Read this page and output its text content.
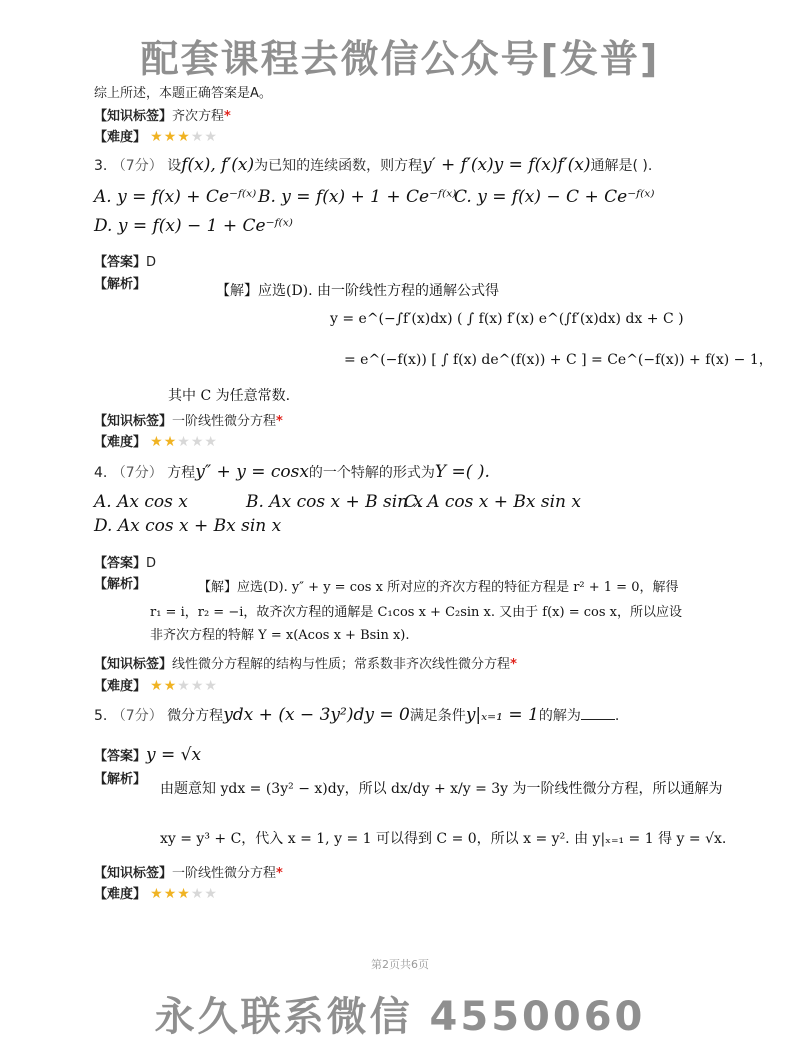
配套课程去微信公众号[发普]
综上所述，本题正确答案是A。
【知识标签】齐次方程*
【难度】 ★★★★★
3. （7分） 设f(x), f′(x)为已知的连续函数，则方程y′ + f′(x)y = f(x)f′(x)通解是( ).
A. y = f(x) + Ce⁻ᶠ⁽ˣ⁾ B. y = f(x) + 1 + Ce⁻ᶠ⁽ˣ⁾
C. y = f(x) − C + Ce⁻ᶠ⁽ˣ⁾
D. y = f(x) − 1 + Ce⁻ᶠ⁽ˣ⁾
【答案】D
【解析】	【解】应选(D). 由一阶线性方程的通解公式得
y = e^(−∫f′(x)dx) ( ∫ f(x) f′(x) e^(∫f′(x)dx) dx + C )
= e^(−f(x)) [ ∫ f(x) de^(f(x)) + C ] = Ce^(−f(x)) + f(x) − 1，
其中 C 为任意常数.
【知识标签】一阶线性微分方程*
【难度】 ★★★★★
4. （7分） 方程y″ + y = cosx的一个特解的形式为Y =( ).
A. Ax cos x	B. Ax cos x + B sin x
C. A cos x + Bx sin x
D. Ax cos x + Bx sin x
【答案】D
【解析】	【解】应选(D). y″ + y = cos x 所对应的齐次方程的特征方程是 r² + 1 = 0，解得
r₁ = i，r₂ = −i，故齐次方程的通解是 C₁cos x + C₂sin x. 又由于 f(x) = cos x，所以应设
非齐次方程的特解 Y = x(Acos x + Bsin x).
【知识标签】线性微分方程解的结构与性质；常系数非齐次线性微分方程*
【难度】 ★★★★★
5. （7分） 微分方程ydx + (x − 3y²)dy = 0满足条件y|ₓ₌₁ = 1的解为 .
【答案】y = √x
【解析】
由题意知 ydx = (3y² − x)dy，所以 dx/dy + x/y = 3y 为一阶线性微分方程，所以通解为
xy = y³ + C，代入 x = 1, y = 1 可以得到 C = 0，所以 x = y². 由 y|ₓ₌₁ = 1 得 y = √x.
【知识标签】一阶线性微分方程*
【难度】 ★★★★★
第2页共6页
永久联系微信 4550060
